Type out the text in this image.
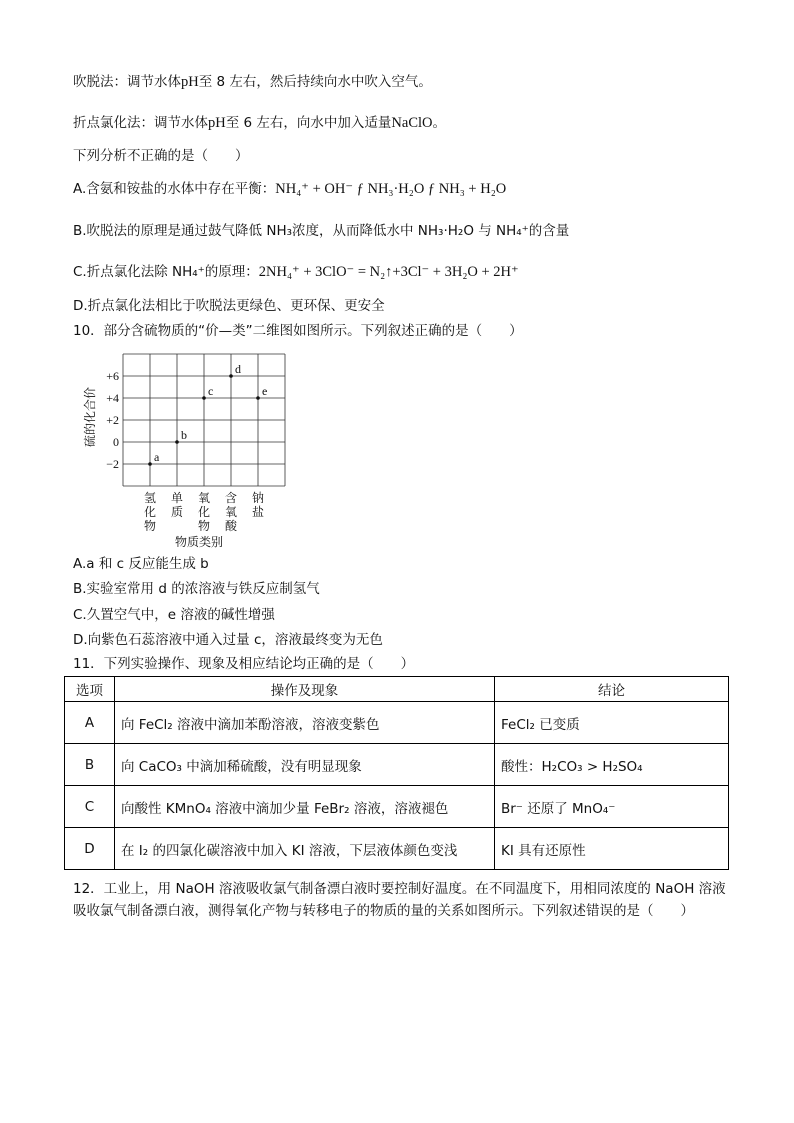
吹脱法：调节水体pH至 8 左右，然后持续向水中吹入空气。
折点氯化法：调节水体pH至 6 左右，向水中加入适量NaClO。
下列分析不正确的是（　　）
A.含氨和铵盐的水体中存在平衡：NH₄⁺ + OH⁻ ƒ NH₃·H₂O ƒ NH₃ + H₂O
B.吹脱法的原理是通过鼓气降低 NH₃浓度，从而降低水中 NH₃·H₂O 与 NH₄⁺的含量
C.折点氯化法除 NH₄⁺的原理：2NH₄⁺ + 3ClO⁻ = N₂↑+3Cl⁻ + 3H₂O + 2H⁺
D.折点氯化法相比于吹脱法更绿色、更环保、更安全
10．部分含硫物质的“价—类”二维图如图所示。下列叙述正确的是（　　）
+6
+4
+2
0
−2
氢
化
物
单
质
氧
化
物
含
氧
酸
钠
盐
a
b
c
d
e
硫的化合价
物质类别
A.a 和 c 反应能生成 b
B.实验室常用 d 的浓溶液与铁反应制氢气
C.久置空气中，e 溶液的碱性增强
D.向紫色石蕊溶液中通入过量 c，溶液最终变为无色
11．下列实验操作、现象及相应结论均正确的是（　　）
选项	操作及现象	结论
A	向 FeCl₂ 溶液中滴加苯酚溶液，溶液变紫色	FeCl₂ 已变质
B	向 CaCO₃ 中滴加稀硫酸，没有明显现象	酸性：H₂CO₃ > H₂SO₄
C	向酸性 KMnO₄ 溶液中滴加少量 FeBr₂ 溶液，溶液褪色	Br⁻ 还原了 MnO₄⁻
D	在 I₂ 的四氯化碳溶液中加入 KI 溶液，下层液体颜色变浅	KI 具有还原性
12．工业上，用 NaOH 溶液吸收氯气制备漂白液时要控制好温度。在不同温度下，用相同浓度的 NaOH 溶液吸收氯气制备漂白液，测得氧化产物与转移电子的物质的量的关系如图所示。下列叙述错误的是（　　）
